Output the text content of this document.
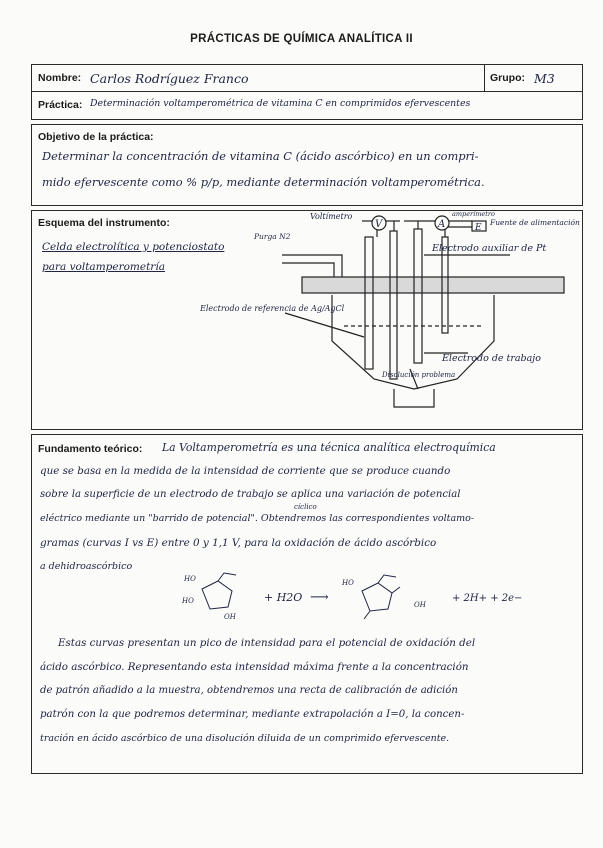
PRÁCTICAS DE QUÍMICA ANALÍTICA II
Nombre: Carlos Rodríguez Franco	Grupo: M3
Práctica: Determinación voltamperométrica de vitamina C en comprimidos efervescentes
Objetivo de la práctica:
Determinar la concentración de vitamina C (ácido ascórbico) en un compri-
mido efervescente como % p/p, mediante determinación voltamperométrica.
Esquema del instrumento:
Celda electrolítica y potenciostato
para voltamperometría
V	A	E
Purga N2
Voltímetro	amperímetro
Fuente de alimentación
Electrodo auxiliar de Pt
Electrodo de referencia de Ag/AgCl
Electrodo de trabajo
Disolución problema
Fundamento teórico: La Voltamperometría es una técnica analítica electroquímica
que se basa en la medida de la intensidad de corriente que se produce cuando
sobre la superficie de un electrodo de trabajo se aplica una variación de potencial
eléctrico mediante un "barrido de potencial". Obtendremos las correspondientes voltamo-
gramas (curvas I vs E) entre 0 y 1,1 V, para la oxidación de ácido ascórbico
a dehidroascórbico
cíclico
HO
HO
OH
+ H2O ⟶
HO
OH
+ 2H+ + 2e−
Estas curvas presentan un pico de intensidad para el potencial de oxidación del
ácido ascórbico. Representando esta intensidad máxima frente a la concentración
de patrón añadido a la muestra, obtendremos una recta de calibración de adición
patrón con la que podremos determinar, mediante extrapolación a I=0, la concen-
tración en ácido ascórbico de una disolución diluida de un comprimido efervescente.
